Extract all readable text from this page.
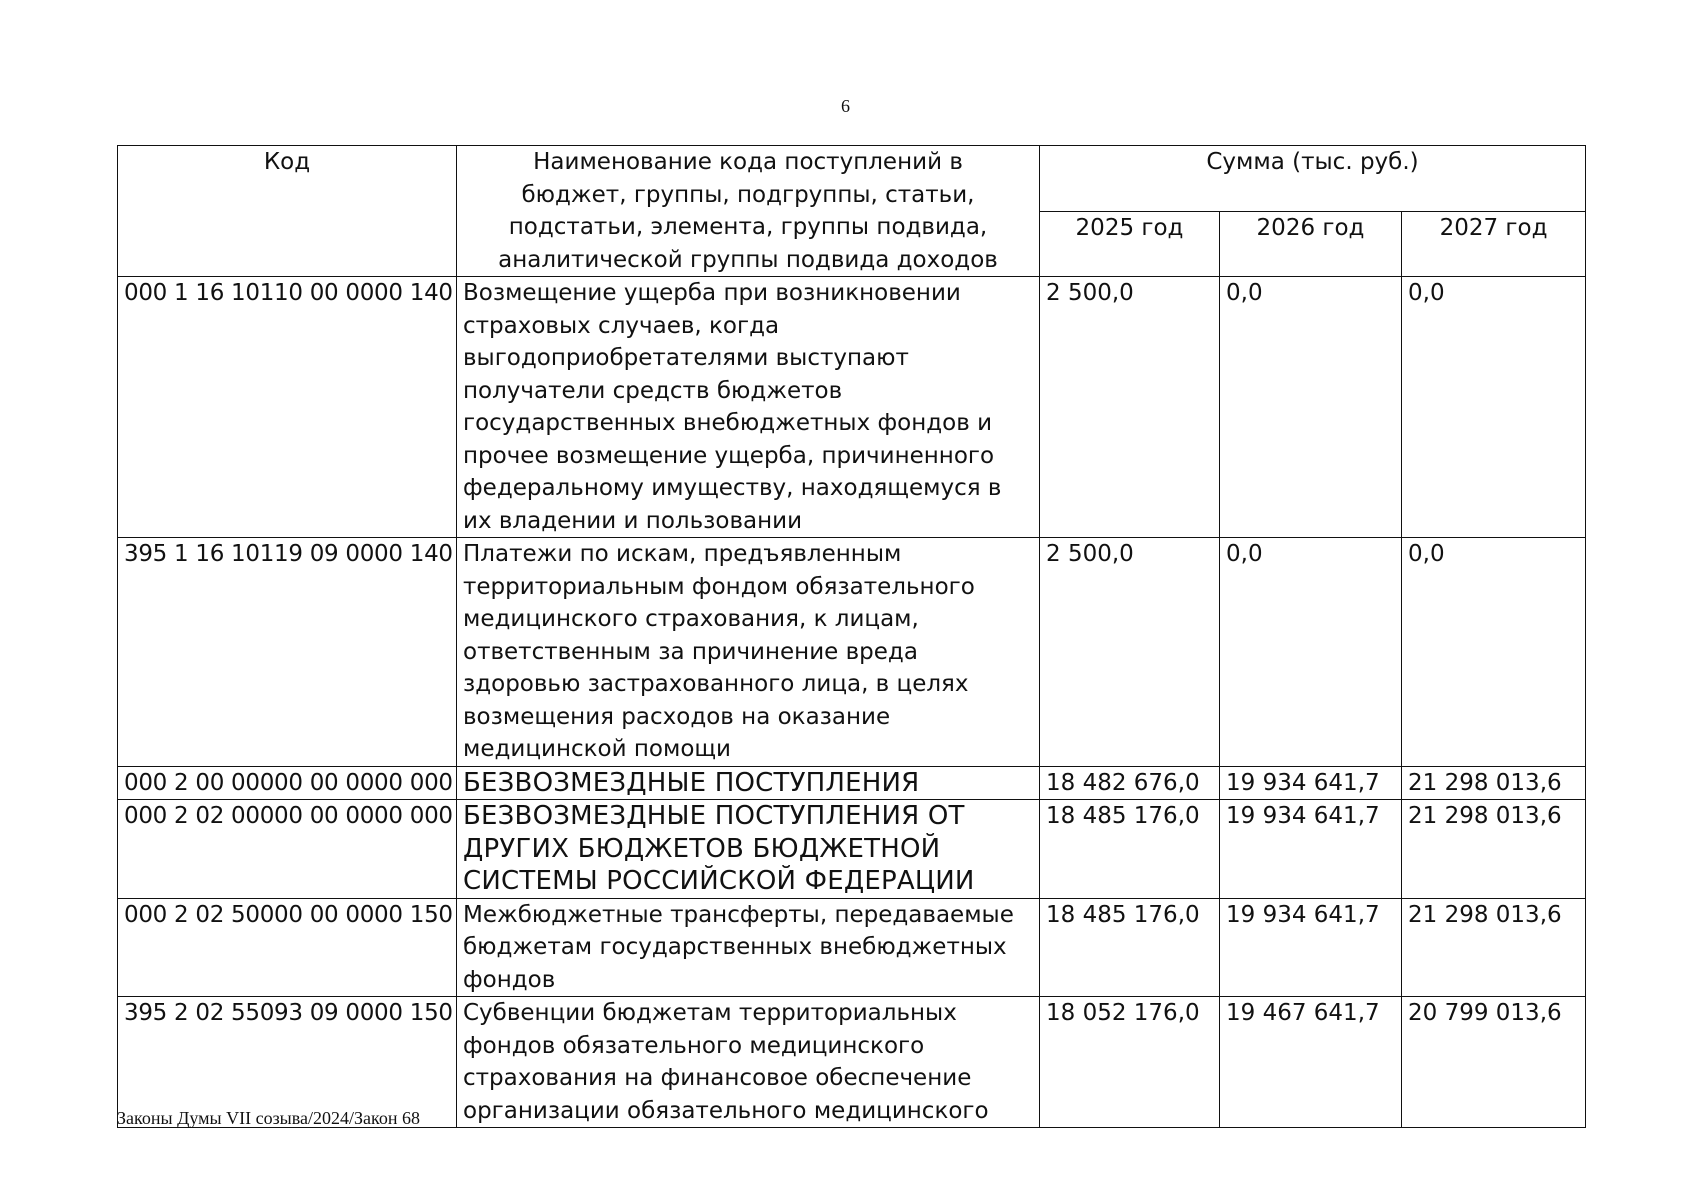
6
Код	Наименование кода поступлений в бюджет, группы, подгруппы, статьи, подстатьи, элемента, группы подвида, аналитической группы подвида доходов	Сумма (тыс. руб.)		
		2025 год	2026 год	2027 год
000 1 16 10110 00 0000 140	Возмещение ущерба при возникновении страховых случаев, когда выгодоприобретателями выступают получатели средств бюджетов государственных внебюджетных фондов и прочее возмещение ущерба, причиненного федеральному имуществу, находящемуся в их владении и пользовании	2 500,0	0,0	0,0
395 1 16 10119 09 0000 140	Платежи по искам, предъявленным территориальным фондом обязательного медицинского страхования, к лицам, ответственным за причинение вреда здоровью застрахованного лица, в целях возмещения расходов на оказание медицинской помощи	2 500,0	0,0	0,0
000 2 00 00000 00 0000 000	БЕЗВОЗМЕЗДНЫЕ ПОСТУПЛЕНИЯ	18 482 676,0	19 934 641,7	21 298 013,6
000 2 02 00000 00 0000 000	БЕЗВОЗМЕЗДНЫЕ ПОСТУПЛЕНИЯ ОТ ДРУГИХ БЮДЖЕТОВ БЮДЖЕТНОЙ СИСТЕМЫ РОССИЙСКОЙ ФЕДЕРАЦИИ	18 485 176,0	19 934 641,7	21 298 013,6
000 2 02 50000 00 0000 150	Межбюджетные трансферты, передаваемые бюджетам государственных внебюджетных фондов	18 485 176,0	19 934 641,7	21 298 013,6
395 2 02 55093 09 0000 150	Субвенции бюджетам территориальных фондов обязательного медицинского страхования на финансовое обеспечение организации обязательного медицинского	18 052 176,0	19 467 641,7	20 799 013,6
Законы Думы VII созыва/2024/Закон 68
